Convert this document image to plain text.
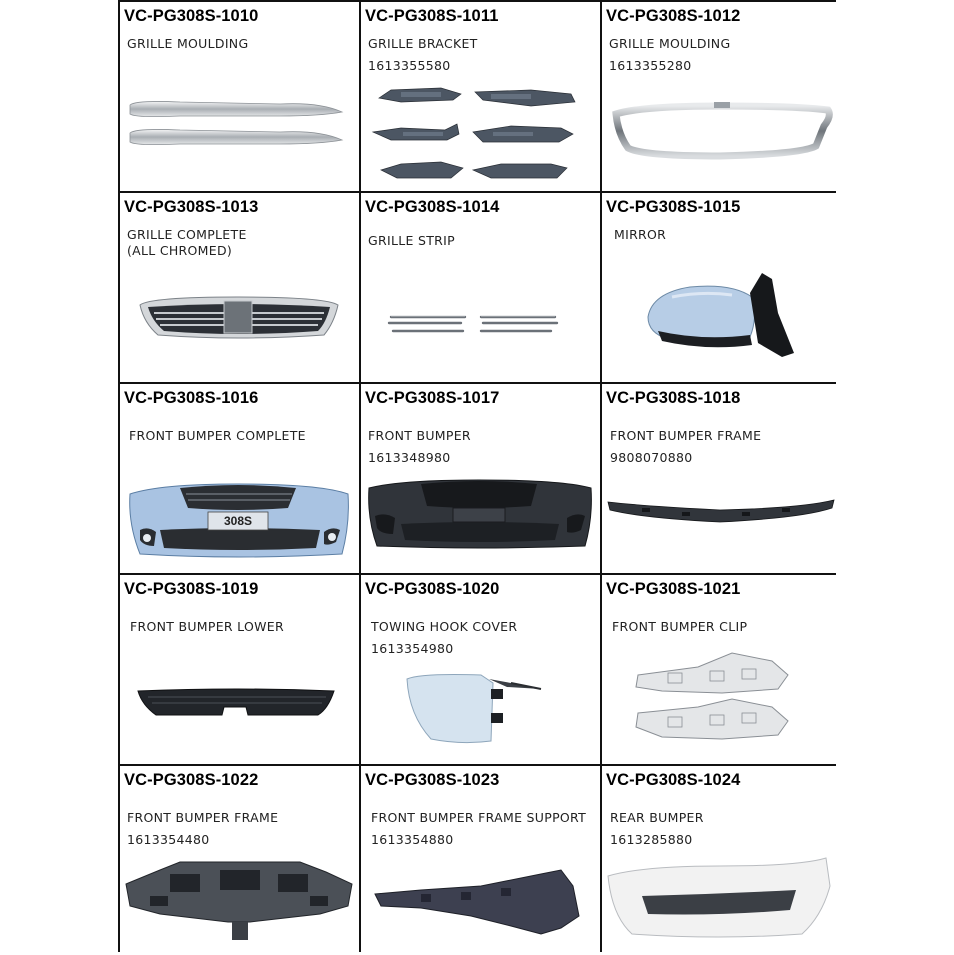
VC-PG308S-1010
GRILLE MOULDING
VC-PG308S-1011
GRILLE BRACKET
1613355580
VC-PG308S-1012
GRILLE MOULDING
1613355280
VC-PG308S-1013
GRILLE COMPLETE
(ALL CHROMED)
VC-PG308S-1014
GRILLE STRIP
VC-PG308S-1015
MIRROR
VC-PG308S-1016
FRONT BUMPER COMPLETE
308S
VC-PG308S-1017
FRONT BUMPER
1613348980
VC-PG308S-1018
FRONT BUMPER FRAME
9808070880
VC-PG308S-1019
FRONT BUMPER LOWER
VC-PG308S-1020
TOWING HOOK COVER
1613354980
VC-PG308S-1021
FRONT BUMPER CLIP
VC-PG308S-1022
FRONT BUMPER FRAME
1613354480
VC-PG308S-1023
FRONT BUMPER FRAME SUPPORT
1613354880
VC-PG308S-1024
REAR BUMPER
1613285880
